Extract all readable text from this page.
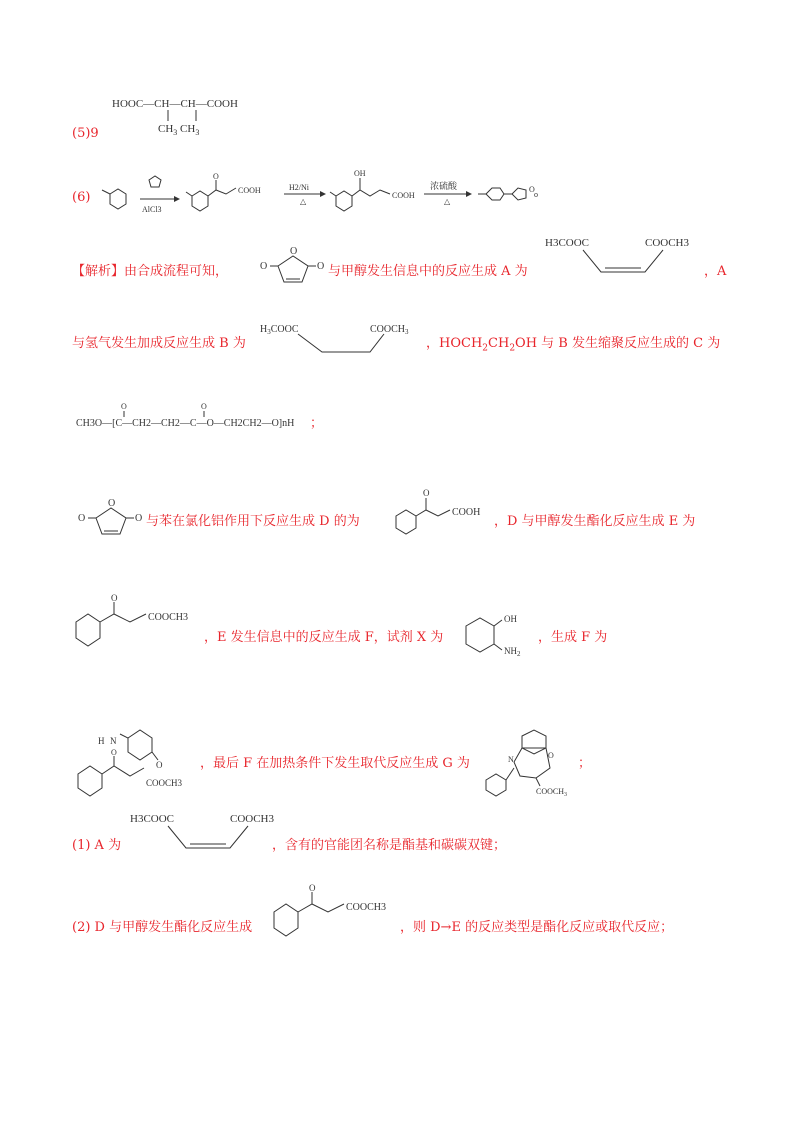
(5)9
HOOC—CH—CH—COOH
$CH_3$ $CH_3$
(6)
AlCl3
O
COOH	H2/Ni
△
OH
COOH
浓硫酸
△
O
o
【解析】由合成流程可知，
O
O	O 与甲醇发生信息中的反应生成 A 为
H3COOC	COOCH3
，A
与氢气发生加成反应生成 B 为
$H_3COOC$	$COOCH_3$
，$HOCH_2CH_2OH$ 与 B 发生缩聚反应生成的 C 为
CH3O—[C—CH2—CH2—C—O—CH2CH2—O]nH
O	O
；
O
O	O 与苯在氯化铝作用下反应生成 D 的为
O
COOH
，D 与甲醇发生酯化反应生成 E 为
O
COOCH3
，E 发生信息中的反应生成 F，试剂 X 为
OH
$NH_2$
，生成 F 为
H N
O
O
COOCH3
，最后 F 在加热条件下发生取代反应生成 G 为	N	O
$COOCH_3$
；
(1) A 为
H3COOC	COOCH3
，含有的官能团名称是酯基和碳碳双键；
(2) D 与甲醇发生酯化反应生成
O
COOCH3
，则 D→E 的反应类型是酯化反应或取代反应；
